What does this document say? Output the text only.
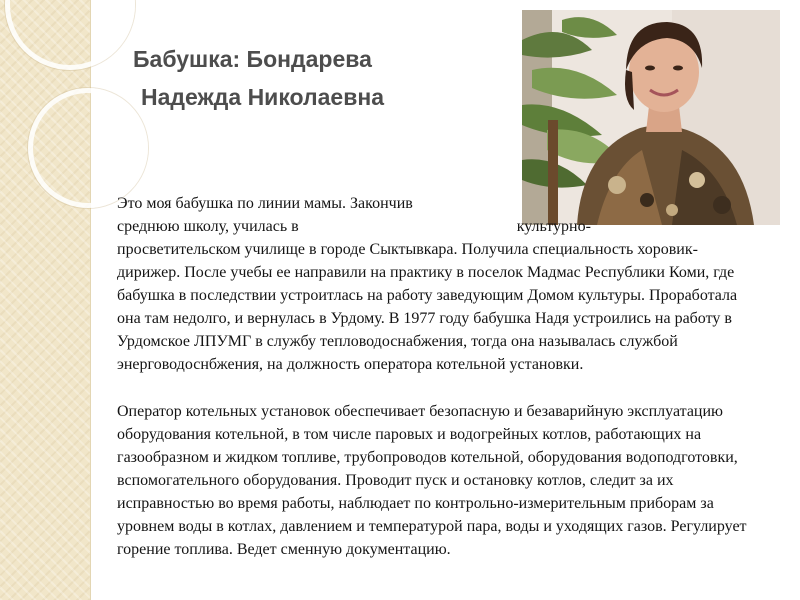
Бабушка: Бондарева
Надежда Николаевна
Это моя бабушка по линии мамы. Закончив
среднюю школу, училась в	культурно-
просветительском училище в городе Сыктывкара. Получила специальность хоровик-дирижер. После учебы ее направили на практику в поселок Мадмас Республики Коми, где бабушка в последствии устроитлась на работу заведующим Домом культуры. Проработала она там недолго, и вернулась в Урдому. В 1977 году бабушка Надя устроились на работу в Урдомское ЛПУМГ в службу тепловодоснабжения, тогда она называлась службой энерговодоснбжения, на должность оператора котельной установки.

Оператор котельных установок обеспечивает безопасную и безаварийную эксплуатацию оборудования котельной, в том числе паровых и водогрейных котлов, работающих на газообразном и жидком топливе, трубопроводов котельной, оборудования водоподготовки, вспомогательного оборудования. Проводит пуск и остановку котлов, следит за их исправностью во время работы, наблюдает по контрольно-измерительным приборам за уровнем воды в котлах, давлением и температурой пара, воды и уходящих газов. Регулирует горение топлива. Ведет сменную документацию.
